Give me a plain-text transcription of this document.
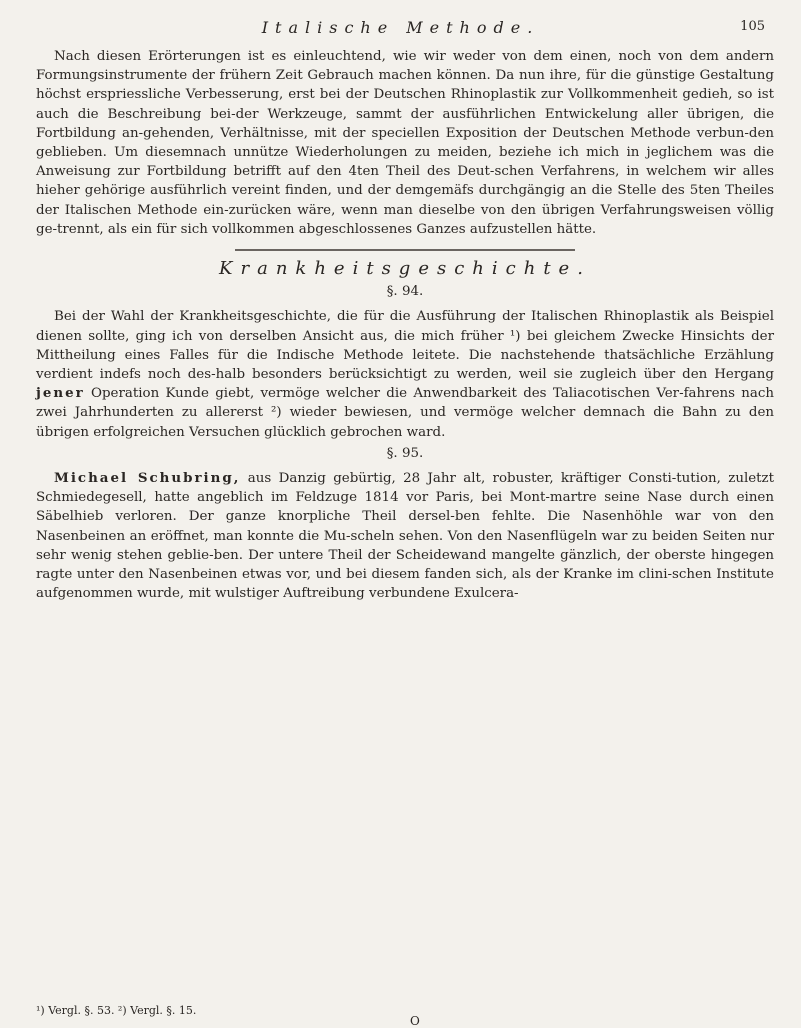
Italische Methode.	105

Nach diesen Erörterungen ist es einleuchtend, wie wir weder von dem einen, noch von dem andern Formungsinstrumente der frühern Zeit Gebrauch machen können. Da nun ihre, für die günstige Gestaltung höchst erspriessliche Verbesserung, erst bei der Deutschen Rhinoplastik zur Vollkommenheit gedieh, so ist auch die Beschreibung bei-der Werkzeuge, sammt der ausführlichen Entwickelung aller übrigen, die Fortbildung an-gehenden, Verhältnisse, mit der speciellen Exposition der Deutschen Methode verbun-den geblieben. Um diesemnach unnütze Wiederholungen zu meiden, beziehe ich mich in jeglichem was die Anweisung zur Fortbildung betrifft auf den 4ten Theil des Deut-schen Verfahrens, in welchem wir alles hieher gehörige ausführlich vereint finden, und der demgemäfs durchgängig an die Stelle des 5ten Theiles der Italischen Methode ein-zurücken wäre, wenn man dieselbe von den übrigen Verfahrungsweisen völlig ge-trennt, als ein für sich vollkommen abgeschlossenes Ganzes aufzustellen hätte.

Krankheitsgeschichte.
§. 94.

Bei der Wahl der Krankheitsgeschichte, die für die Ausführung der Italischen Rhinoplastik als Beispiel dienen sollte, ging ich von derselben Ansicht aus, die mich früher ¹) bei gleichem Zwecke Hinsichts der Mittheilung eines Falles für die Indische Methode leitete. Die nachstehende thatsächliche Erzählung verdient indefs noch des-halb besonders berücksichtigt zu werden, weil sie zugleich über den Hergang jener Operation Kunde giebt, vermöge welcher die Anwendbarkeit des Taliacotischen Ver-fahrens nach zwei Jahrhunderten zu allererst ²) wieder bewiesen, und vermöge welcher demnach die Bahn zu den übrigen erfolgreichen Versuchen glücklich gebrochen ward.

§. 95.

Michael Schubring, aus Danzig gebürtig, 28 Jahr alt, robuster, kräftiger Consti-tution, zuletzt Schmiedegesell, hatte angeblich im Feldzuge 1814 vor Paris, bei Mont-martre seine Nase durch einen Säbelhieb verloren. Der ganze knorpliche Theil dersel-ben fehlte. Die Nasenhöhle war von den Nasenbeinen an eröffnet, man konnte die Mu-scheln sehen. Von den Nasenflügeln war zu beiden Seiten nur sehr wenig stehen geblie-ben. Der untere Theil der Scheidewand mangelte gänzlich, der oberste hingegen ragte unter den Nasenbeinen etwas vor, und bei diesem fanden sich, als der Kranke im clini-schen Institute aufgenommen wurde, mit wulstiger Auftreibung verbundene Exulcera-

¹) Vergl. §. 53. ²) Vergl. §. 15.
O
